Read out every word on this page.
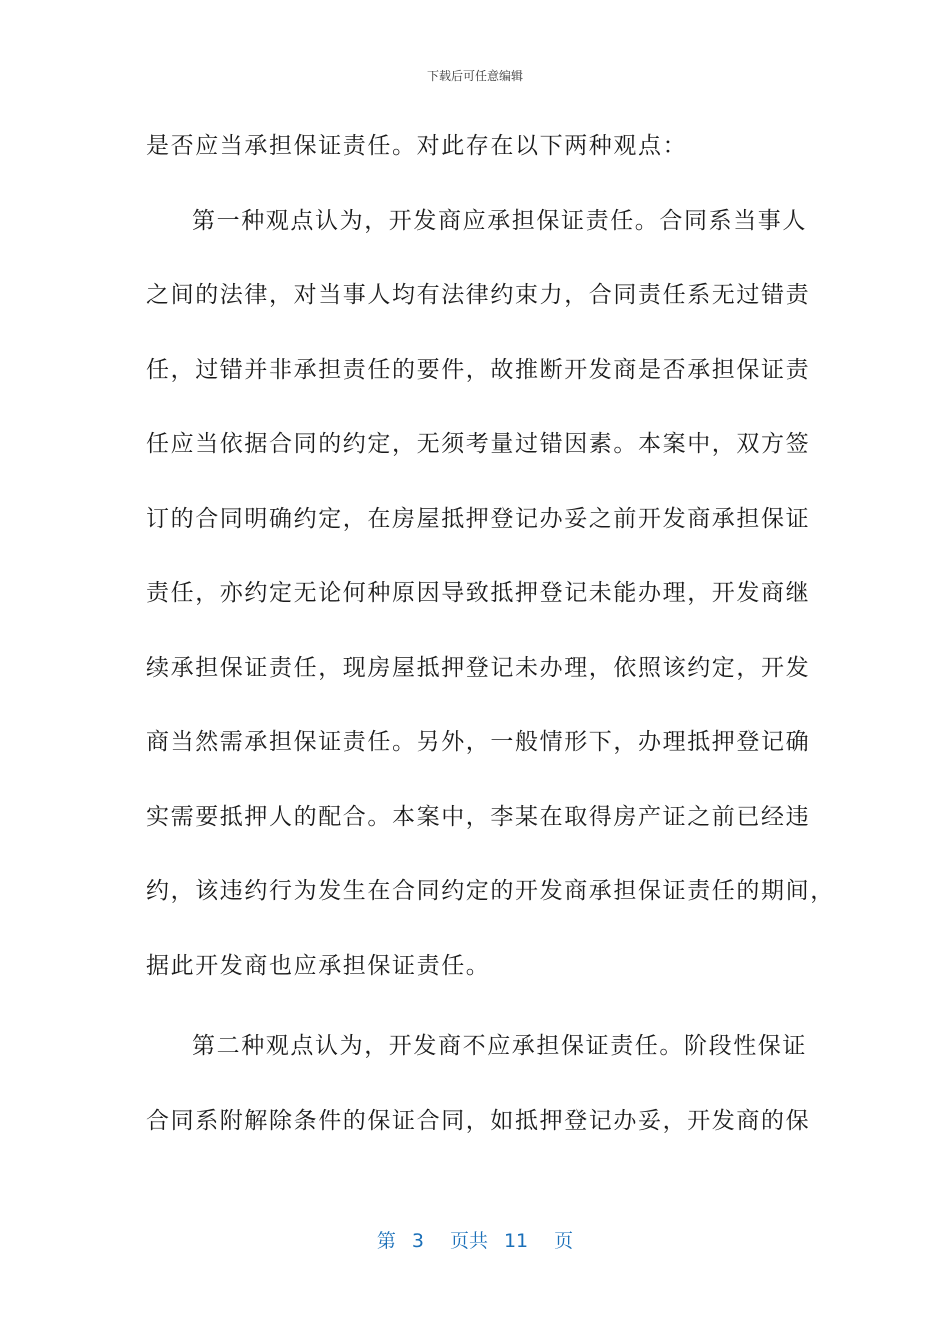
下载后可任意编辑
是否应当承担保证责任。对此存在以下两种观点：
第一种观点认为，开发商应承担保证责任。合同系当事人
之间的法律，对当事人均有法律约束力，合同责任系无过错责
任，过错并非承担责任的要件，故推断开发商是否承担保证责
任应当依据合同的约定，无须考量过错因素。本案中，双方签
订的合同明确约定，在房屋抵押登记办妥之前开发商承担保证
责任，亦约定无论何种原因导致抵押登记未能办理，开发商继
续承担保证责任，现房屋抵押登记未办理，依照该约定，开发
商当然需承担保证责任。另外，一般情形下，办理抵押登记确
实需要抵押人的配合。本案中，李某在取得房产证之前已经违
约，该违约行为发生在合同约定的开发商承担保证责任的期间，
据此开发商也应承担保证责任。
第二种观点认为，开发商不应承担保证责任。阶段性保证
合同系附解除条件的保证合同，如抵押登记办妥，开发商的保
第 3 页共 11 页
